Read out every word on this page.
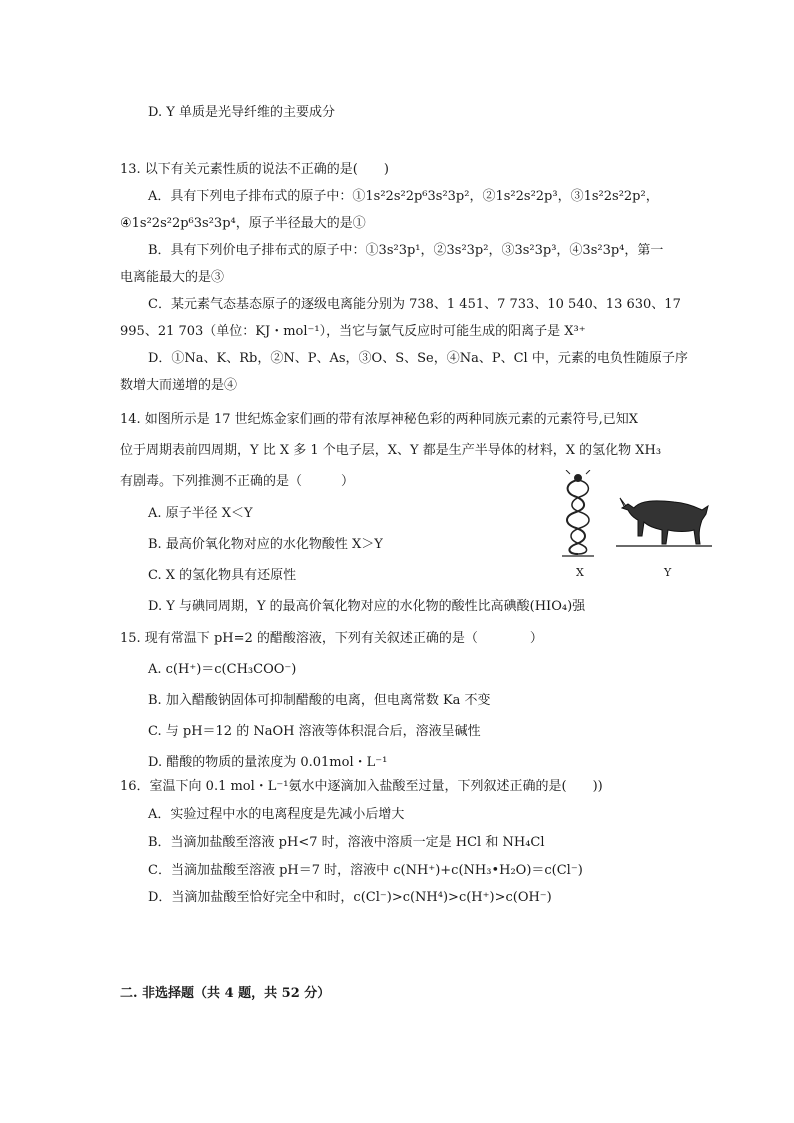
D. Y 单质是光导纤维的主要成分
13. 以下有关元素性质的说法不正确的是(　　)
A．具有下列电子排布式的原子中：①1s²2s²2p⁶3s²3p²，②1s²2s²2p³，③1s²2s²2p²，
④1s²2s²2p⁶3s²3p⁴，原子半径最大的是①
B．具有下列价电子排布式的原子中：①3s²3p¹，②3s²3p²，③3s²3p³，④3s²3p⁴，第一
电离能最大的是③
C．某元素气态基态原子的逐级电离能分别为 738、1 451、7 733、10 540、13 630、17
995、21 703（单位：KJ・mol⁻¹），当它与氯气反应时可能生成的阳离子是 X³⁺
D．①Na、K、Rb，②N、P、As，③O、S、Se，④Na、P、Cl 中，元素的电负性随原子序
数增大而递增的是④
14. 如图所示是 17 世纪炼金家们画的带有浓厚神秘色彩的两种同族元素的元素符号,已知X
位于周期表前四周期，Y 比 X 多 1 个电子层，X、Y 都是生产半导体的材料，X 的氢化物 XH₃
有剧毒。下列推测不正确的是（　　　）
A. 原子半径 X＜Y
B. 最高价氧化物对应的水化物酸性 X＞Y
C. X 的氢化物具有还原性
D. Y 与碘同周期，Y 的最高价氧化物对应的水化物的酸性比高碘酸(HIO₄)强
X	Y
15. 现有常温下 pH=2 的醋酸溶液，下列有关叙述正确的是（　　　　）
A. c(H⁺)＝c(CH₃COO⁻)
B. 加入醋酸钠固体可抑制醋酸的电离，但电离常数 Ka 不变
C. 与 pH＝12 的 NaOH 溶液等体积混合后，溶液呈碱性
D. 醋酸的物质的量浓度为 0.01mol・L⁻¹
16．室温下向 0.1 mol・L⁻¹氨水中逐滴加入盐酸至过量，下列叙述正确的是(　　))
A．实验过程中水的电离程度是先减小后增大
B．当滴加盐酸至溶液 pH<7 时，溶液中溶质一定是 HCl 和 NH₄Cl
C．当滴加盐酸至溶液 pH＝7 时，溶液中 c(NH⁺)+c(NH₃•H₂O)＝c(Cl⁻)
D．当滴加盐酸至恰好完全中和时，c(Cl⁻)>c(NH⁴)>c(H⁺)>c(OH⁻)
二. 非选择题（共 4 题，共 52 分）
